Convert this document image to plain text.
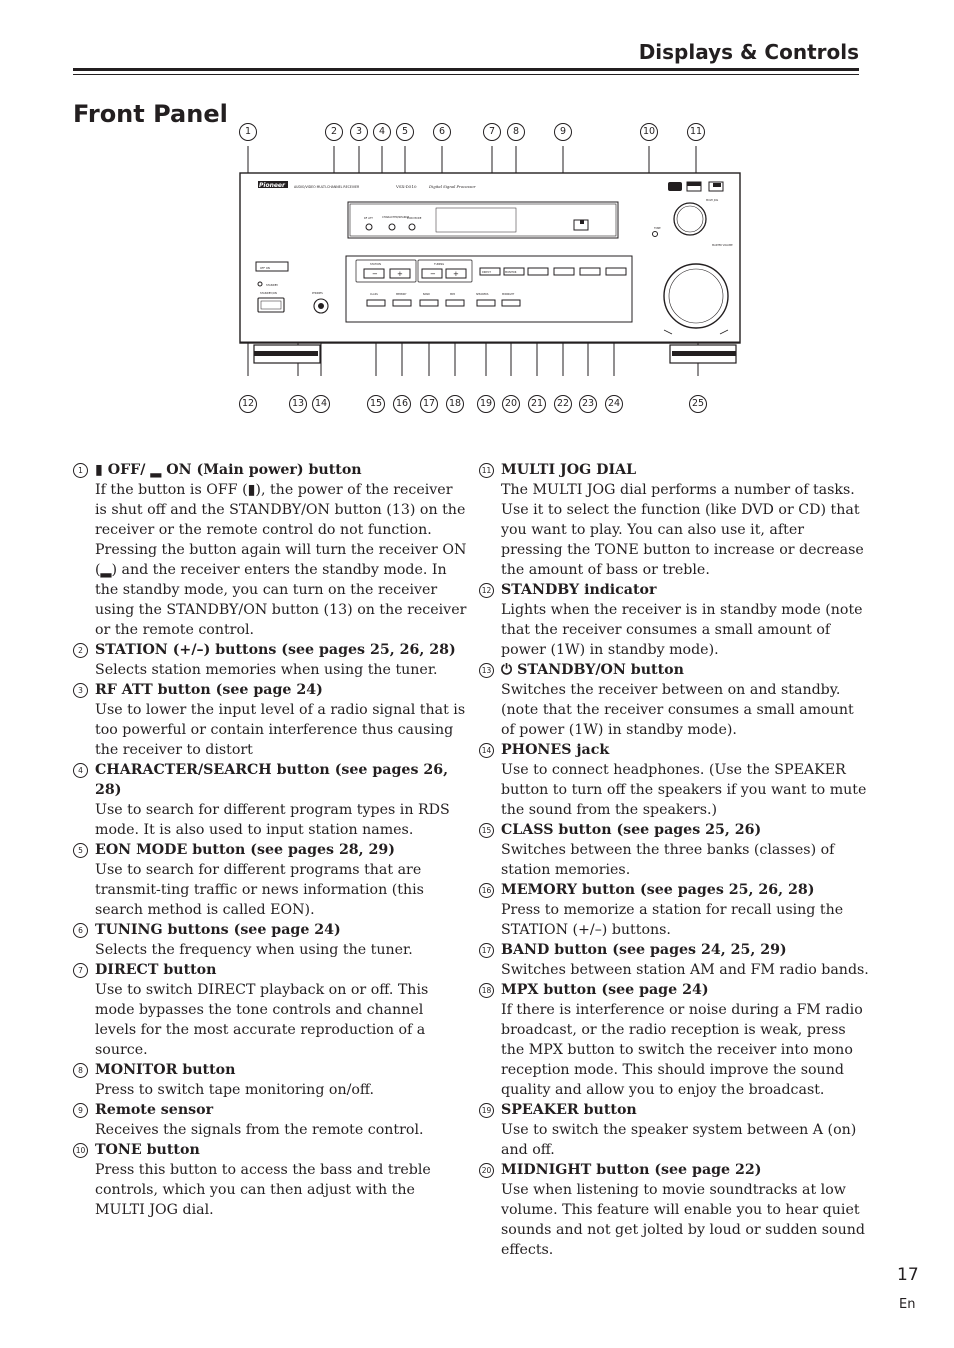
Displays & Controls
Front Panel
1	2	3	4	5	6	7	8	9	10	11
12	13	14	15	16	17	18	19	20	21	22	23	24	25
Pioneer	AUDIO/VIDEO MULTI-CHANNEL RECEIVER	VSX-D510	Digital Signal Processor
RF ATT	CHARACTER/SEARCH
EON MODE
TONE
MULTI JOG
MASTER VOLUME
STATION
−	+
TUNING
− +	DIRECT	MONITOR
CLASS	MEMORY	BAND	MPX	SPEAKERS	MIDNIGHT
OFF ON
STANDBY
STANDBY/ON	PHONES
1 ▮ OFF/ ▂ ON (Main power) button
If the button is OFF (▮), the power of the receiver is shut off and the STANDBY/ON button (13) on the receiver or the remote control do not function. Pressing the button again will turn the receiver ON (▂) and the receiver enters the standby mode. In the standby mode, you can turn on the receiver using the STANDBY/ON button (13) on the receiver or the remote control.
2 STATION (+/–) buttons (see pages 25, 26, 28)
Selects station memories when using the tuner.
3 RF ATT button (see page 24)
Use to lower the input level of a radio signal that is too powerful or contain interference thus causing the receiver to distort
4 CHARACTER/SEARCH button (see pages 26, 28)
Use to search for different program types in RDS mode. It is also used to input station names.
5 EON MODE button (see pages 28, 29)
Use to search for different programs that are transmit-ting traffic or news information (this search method is called EON).
6 TUNING buttons (see page 24)
Selects the frequency when using the tuner.
7 DIRECT button
Use to switch DIRECT playback on or off. This mode bypasses the tone controls and channel levels for the most accurate reproduction of a source.
8 MONITOR button
Press to switch tape monitoring on/off.
9 Remote sensor
Receives the signals from the remote control.
10 TONE button
Press this button to access the bass and treble controls, which you can then adjust with the MULTI JOG dial.
11 MULTI JOG DIAL
The MULTI JOG dial performs a number of tasks. Use it to select the function (like DVD or CD) that you want to play. You can also use it, after pressing the TONE button to increase or decrease the amount of bass or treble.
12 STANDBY indicator
Lights when the receiver is in standby mode (note that the receiver consumes a small amount of power (1W) in standby mode).
13 ⏻ STANDBY/ON button
Switches the receiver between on and standby.(note that the receiver consumes a small amount of power (1W) in standby mode).
14 PHONES jack
Use to connect headphones. (Use the SPEAKER button to turn off the speakers if you want to mute the sound from the speakers.)
15 CLASS button (see pages 25, 26)
Switches between the three banks (classes) of station memories.
16 MEMORY button (see pages 25, 26, 28)
Press to memorize a station for recall using the STATION (+/–) buttons.
17 BAND button (see pages 24, 25, 29)
Switches between station AM and FM radio bands.
18 MPX button (see page 24)
If there is interference or noise during a FM radio broadcast, or the radio reception is weak, press the MPX button to switch the receiver into mono reception mode. This should improve the sound quality and allow you to enjoy the broadcast.
19 SPEAKER button
Use to switch the speaker system between A (on) and off.
20 MIDNIGHT button (see page 22)
Use when listening to movie soundtracks at low volume. This feature will enable you to hear quiet sounds and not get jolted by loud or sudden sound effects.
17
En
